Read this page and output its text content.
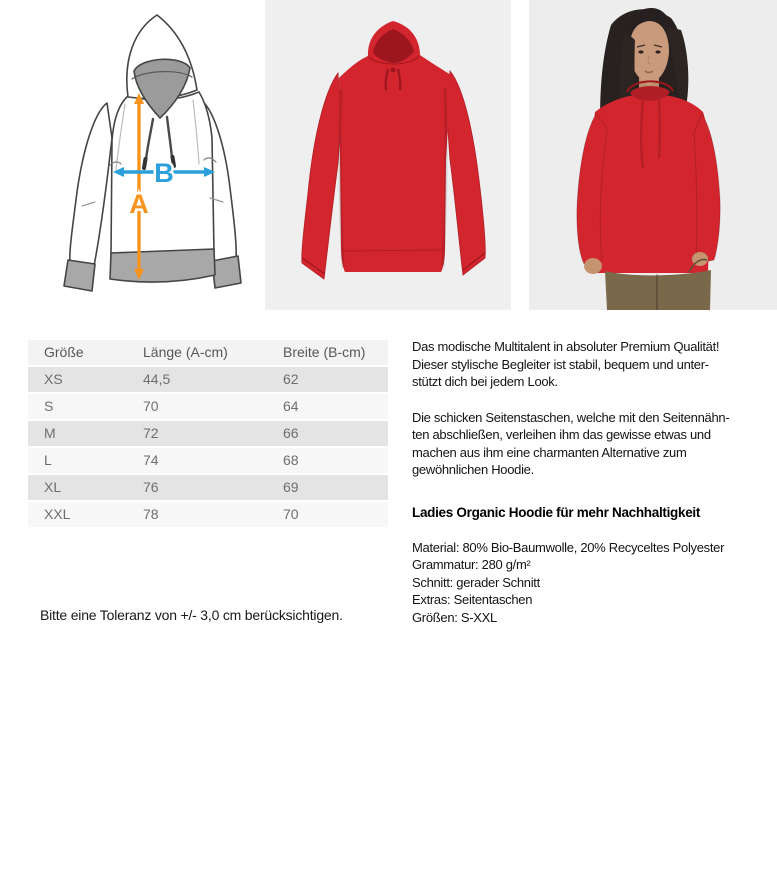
B
A
Größe	Länge (A-cm)	Breite (B-cm)
XS	44,5	62
S	70	64
M	72	66
L	74	68
XL	76	69
XXL	78	70
Das modische Multitalent in absoluter Premium Qualität!
Dieser stylische Begleiter ist stabil, bequem und unter-
stützt dich bei jedem Look.
Die schicken Seitenstaschen, welche mit den Seitennähn-
ten abschließen, verleihen ihm das gewisse etwas und
machen aus ihm eine charmanten Alternative zum
gewöhnlichen Hoodie.
Ladies Organic Hoodie für mehr Nachhaltigkeit
Material: 80% Bio-Baumwolle, 20% Recyceltes Polyester
Grammatur: 280 g/m²
Schnitt: gerader Schnitt
Extras: Seitentaschen
Größen: S-XXL
Bitte eine Toleranz von +/- 3,0 cm berücksichtigen.
